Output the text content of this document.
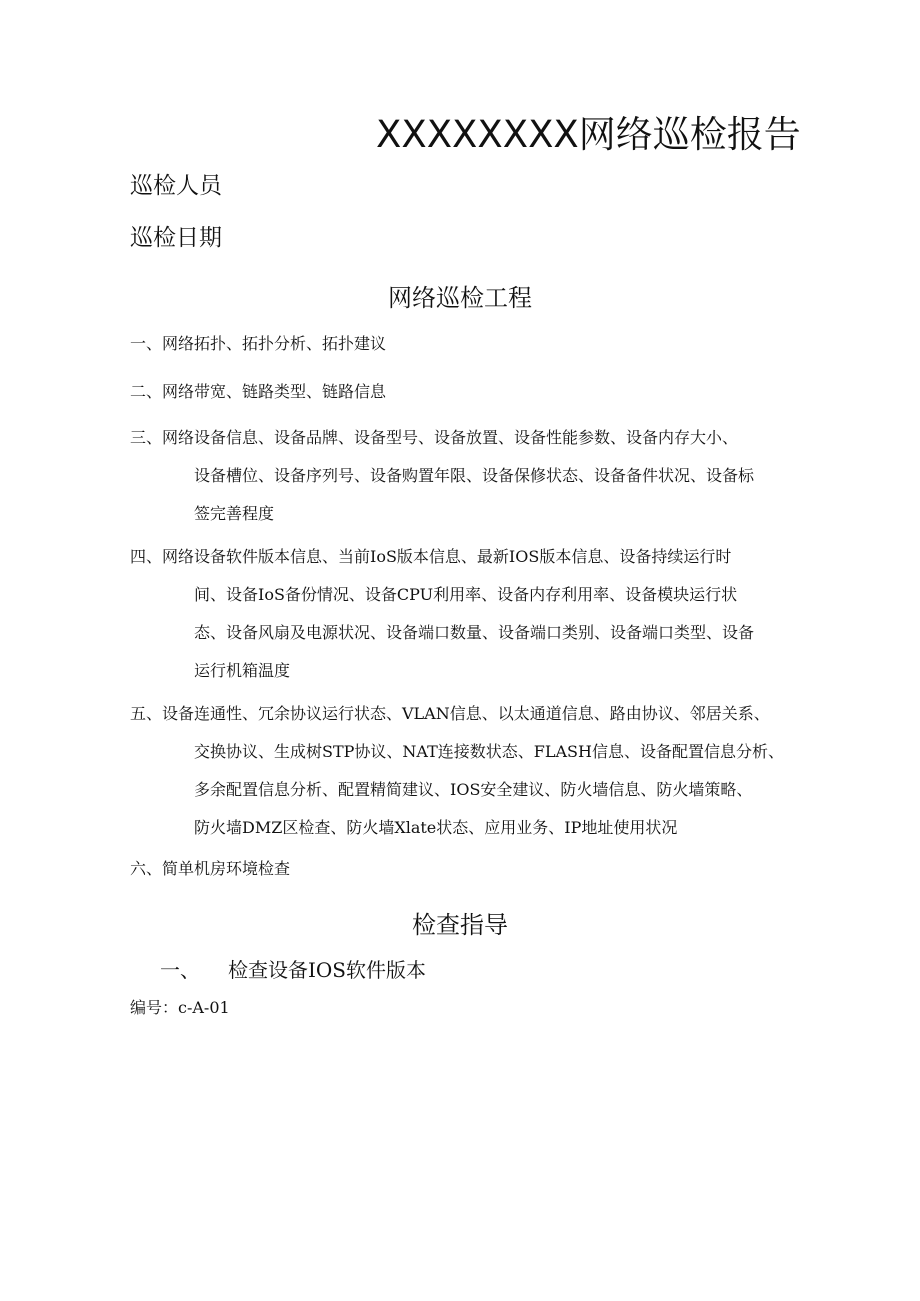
XXXXXXXX网络巡检报告
巡检人员
巡检日期
网络巡检工程
一、网络拓扑、拓扑分析、拓扑建议
二、网络带宽、链路类型、链路信息
三、网络设备信息、设备品牌、设备型号、设备放置、设备性能参数、设备内存大小、
设备槽位、设备序列号、设备购置年限、设备保修状态、设备备件状况、设备标
签完善程度
四、网络设备软件版本信息、当前IoS版本信息、最新IOS版本信息、设备持续运行时
间、设备IoS备份情况、设备CPU利用率、设备内存利用率、设备模块运行状
态、设备风扇及电源状况、设备端口数量、设备端口类别、设备端口类型、设备
运行机箱温度
五、设备连通性、冗余协议运行状态、VLAN信息、以太通道信息、路由协议、邻居关系、
交换协议、生成树STP协议、NAT连接数状态、FLASH信息、设备配置信息分析、
多余配置信息分析、配置精简建议、IOS安全建议、防火墙信息、防火墙策略、
防火墙DMZ区检查、防火墙Xlate状态、应用业务、IP地址使用状况
六、简单机房环境检查
检查指导
一、 检查设备IOS软件版本
编号：c-A-01
